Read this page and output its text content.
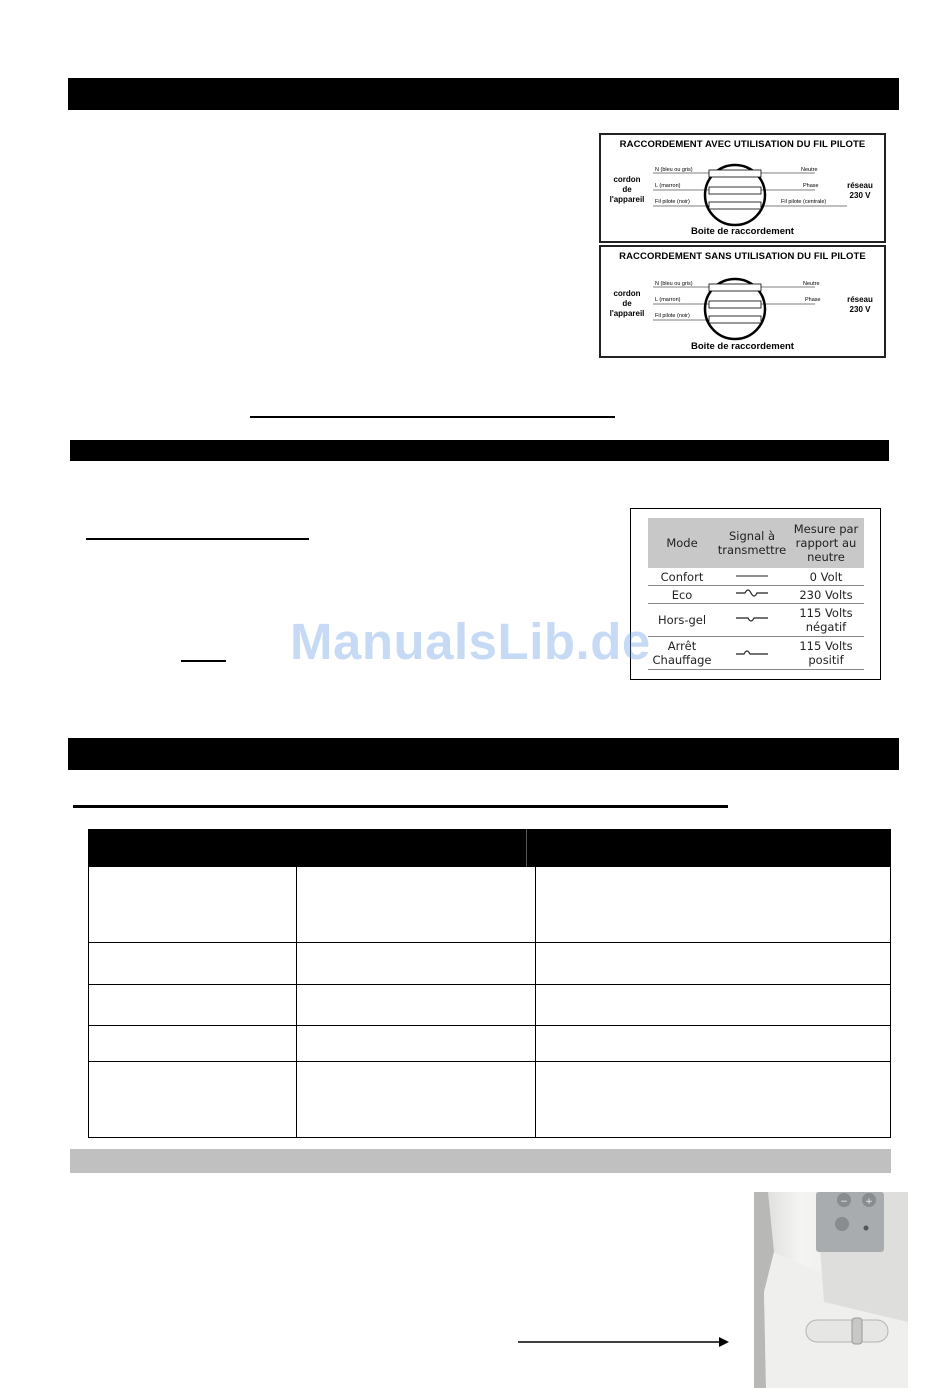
RACCORDEMENT AVEC UTILISATION DU FIL PILOTE
cordon
de
l'appareil
réseau
230 V
N (bleu ou gris)
L (marron)
Fil pilote (noir)
Neutre
Phase
Fil pilote (centrale)
Boite de raccordement
RACCORDEMENT SANS UTILISATION DU FIL PILOTE
cordon
de
l'appareil
réseau
230 V
N (bleu ou gris)
L (marron)
Fil pilote (noir)
Neutre
Phase
Boite de raccordement
Mode	Signal à transmettre	Mesure par rapport au neutre
Confort		0 Volt
Eco		230 Volts
Hors-gel		115 Volts négatif
Arrêt Chauffage		115 Volts positif
ManualsLib.de
− +
